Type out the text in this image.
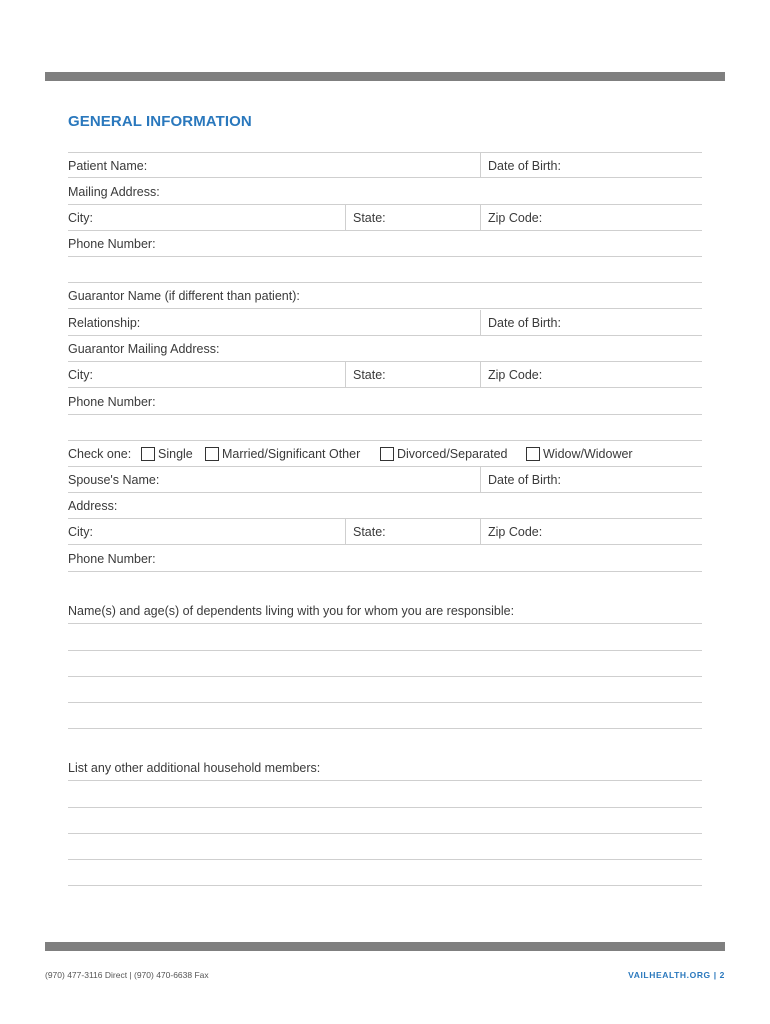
GENERAL INFORMATION
Patient Name:	Date of Birth:
Mailing Address:
City:	State:	Zip Code:
Phone Number:
Guarantor Name (if different than patient):
Relationship:	Date of Birth:
Guarantor Mailing Address:
City:	State:	Zip Code:
Phone Number:
Check one: Single Married/Significant Other	Divorced/Separated	Widow/Widower
Spouse's Name:	Date of Birth:
Address:
City:	State:	Zip Code:
Phone Number:
Name(s) and age(s) of dependents living with you for whom you are responsible:
List any other additional household members:
(970) 477-3116 Direct | (970) 470-6638 Fax	VAILHEALTH.ORG | 2
